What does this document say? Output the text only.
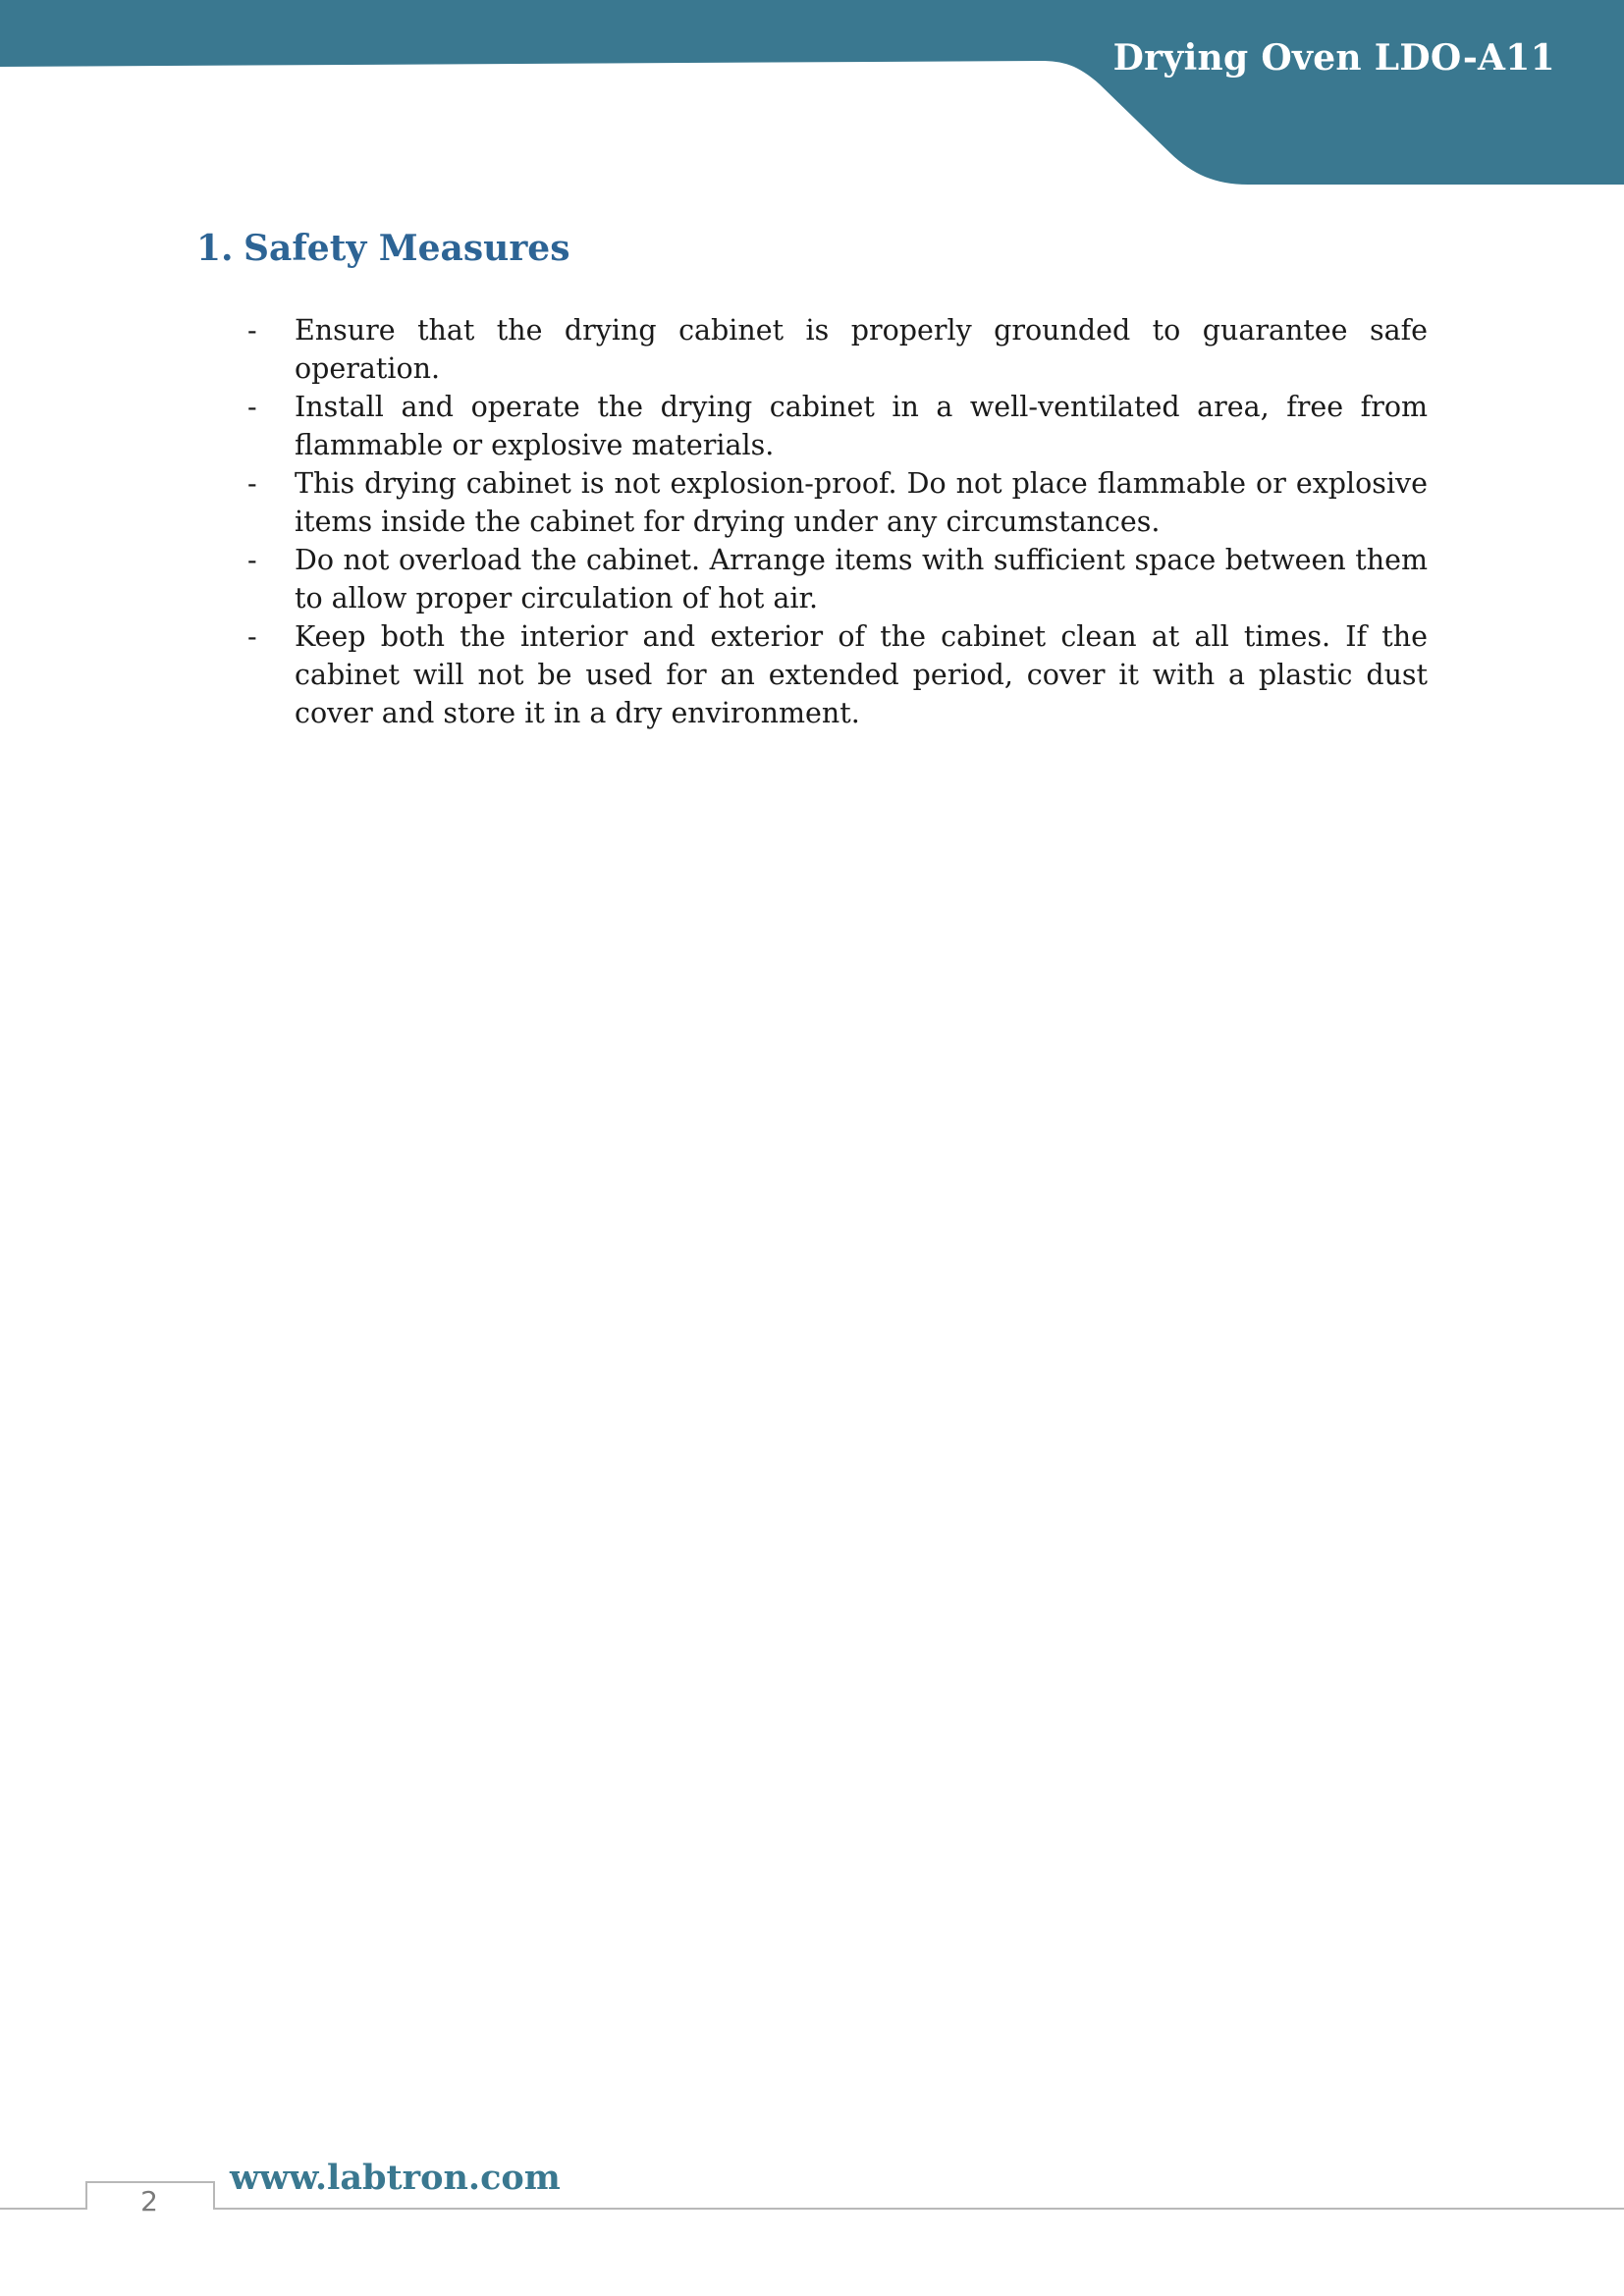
Drying Oven LDO-A11
1. Safety Measures
- Ensure that the drying cabinet is properly grounded to guarantee safe operation.
- Install and operate the drying cabinet in a well-ventilated area, free from flammable or explosive materials.
- This drying cabinet is not explosion-proof. Do not place flammable or explosive items inside the cabinet for drying under any circumstances.
- Do not overload the cabinet. Arrange items with sufficient space between them to allow proper circulation of hot air.
- Keep both the interior and exterior of the cabinet clean at all times. If the cabinet will not be used for an extended period, cover it with a plastic dust cover and store it in a dry environment.
2
www.labtron.com
